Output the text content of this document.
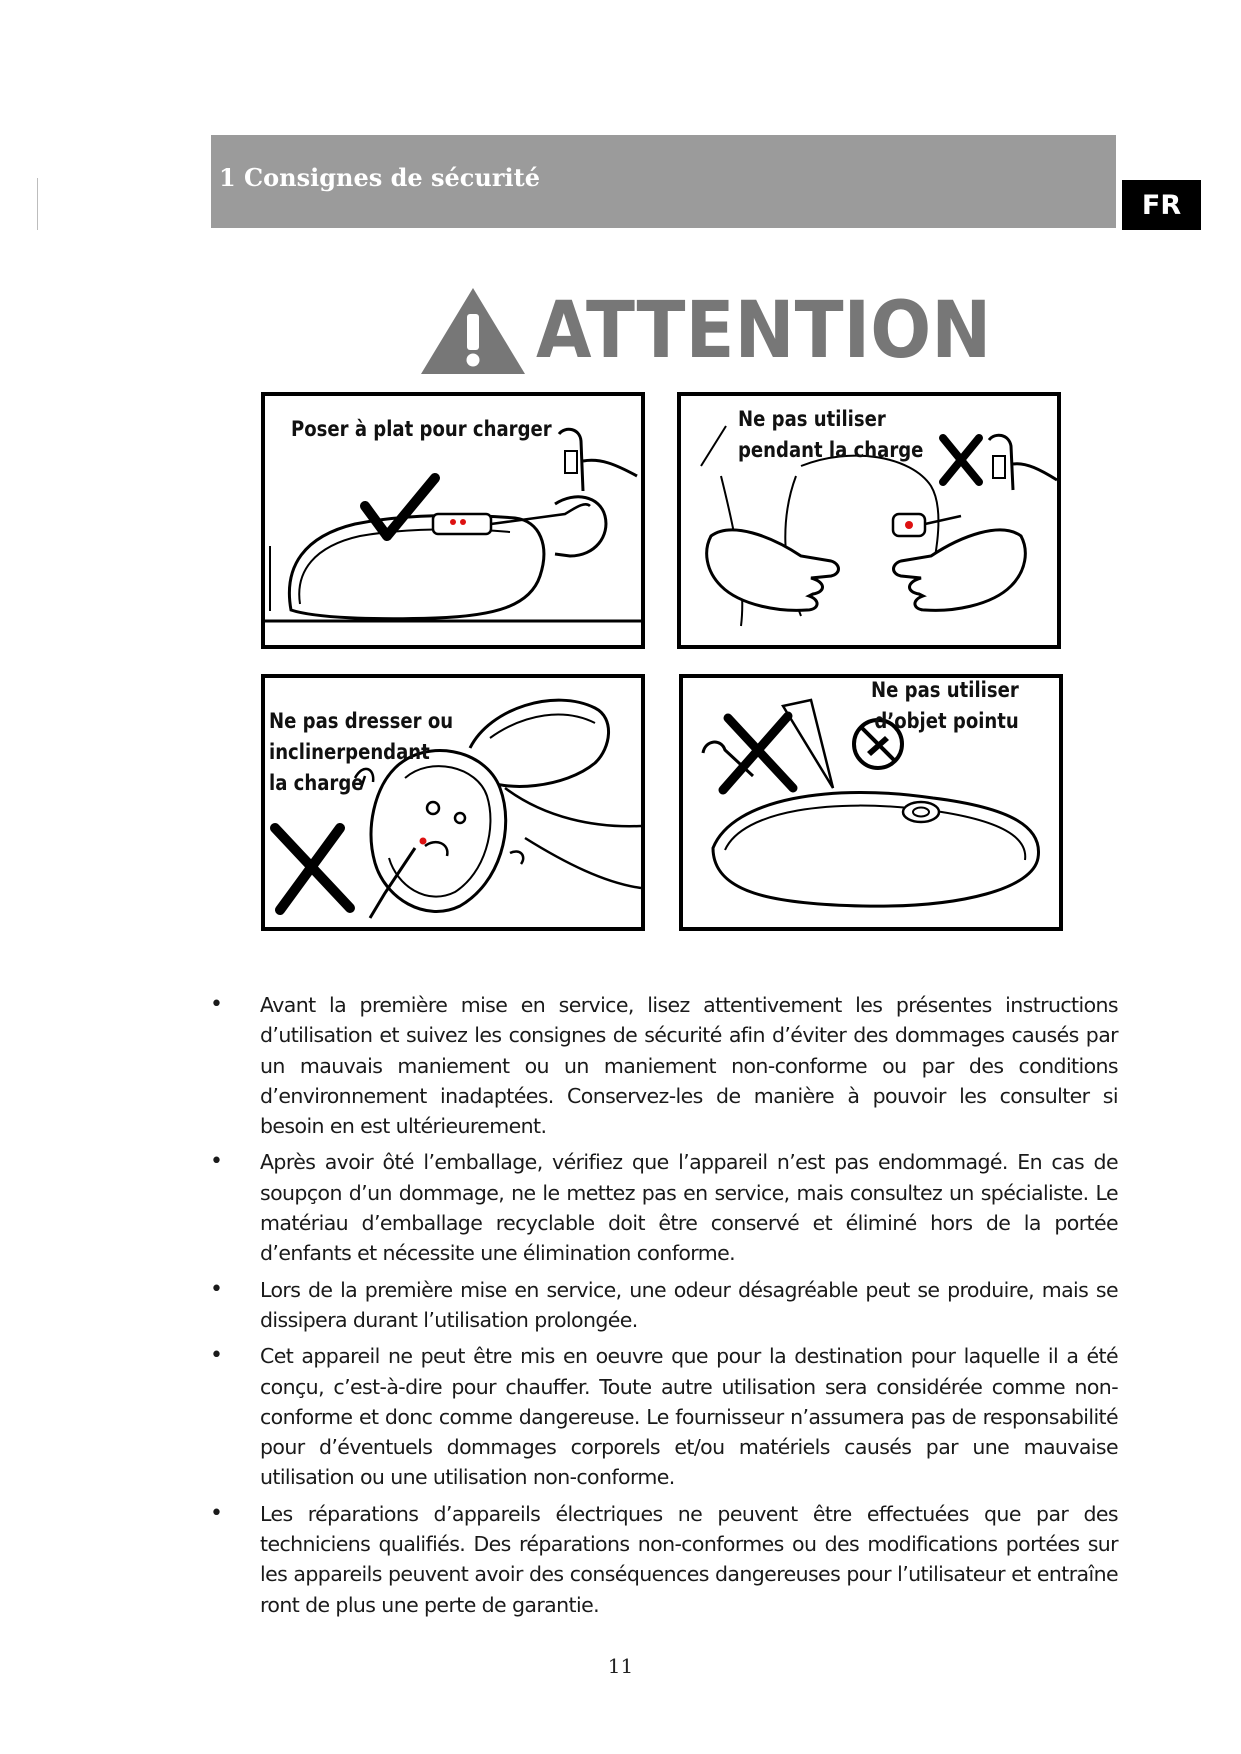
1 Consignes de sécurité
FR
ATTENTION
Poser à plat pour charger	Ne pas utiliser
pendant la charge
Ne pas dresser ou
inclinerpendant
la charge
Ne pas utiliser
d’objet pointu
• Avant la première mise en service, lisez attentivement les présentes instructions d’utilisation et suivez les consignes de sécurité afin d’éviter des dommages causés par un mauvais maniement ou un maniement non-conforme ou par des conditions d’environnement inadaptées. Conservez-les de manière à pouvoir les consulter si besoin en est ultérieurement.
• Après avoir ôté l’emballage, vérifiez que l’appareil n’est pas endommagé. En cas de soupçon d’un dommage, ne le mettez pas en service, mais consultez un spécialiste. Le matériau d’emballage recyclable doit être conservé et éliminé hors de la portée d’enfants et nécessite une élimination conforme.
• Lors de la première mise en service, une odeur désagréable peut se produire, mais se dissipera durant l’utilisation prolongée.
• Cet appareil ne peut être mis en oeuvre que pour la destination pour laquelle il a été conçu, c’est-à-dire pour chauffer. Toute autre utilisation sera considérée comme non-conforme et donc comme dangereuse. Le fournisseur n’assumera pas de responsabilité pour d’éventuels dommages corporels et/ou matériels causés par une mauvaise utilisation ou une utilisation non-conforme.
• Les réparations d’appareils électriques ne peuvent être effectuées que par des techniciens qualifiés. Des réparations non-conformes ou des modifications portées sur les appareils peuvent avoir des conséquences dangereuses pour l’utilisateur et entraîne ront de plus une perte de garantie.
11
